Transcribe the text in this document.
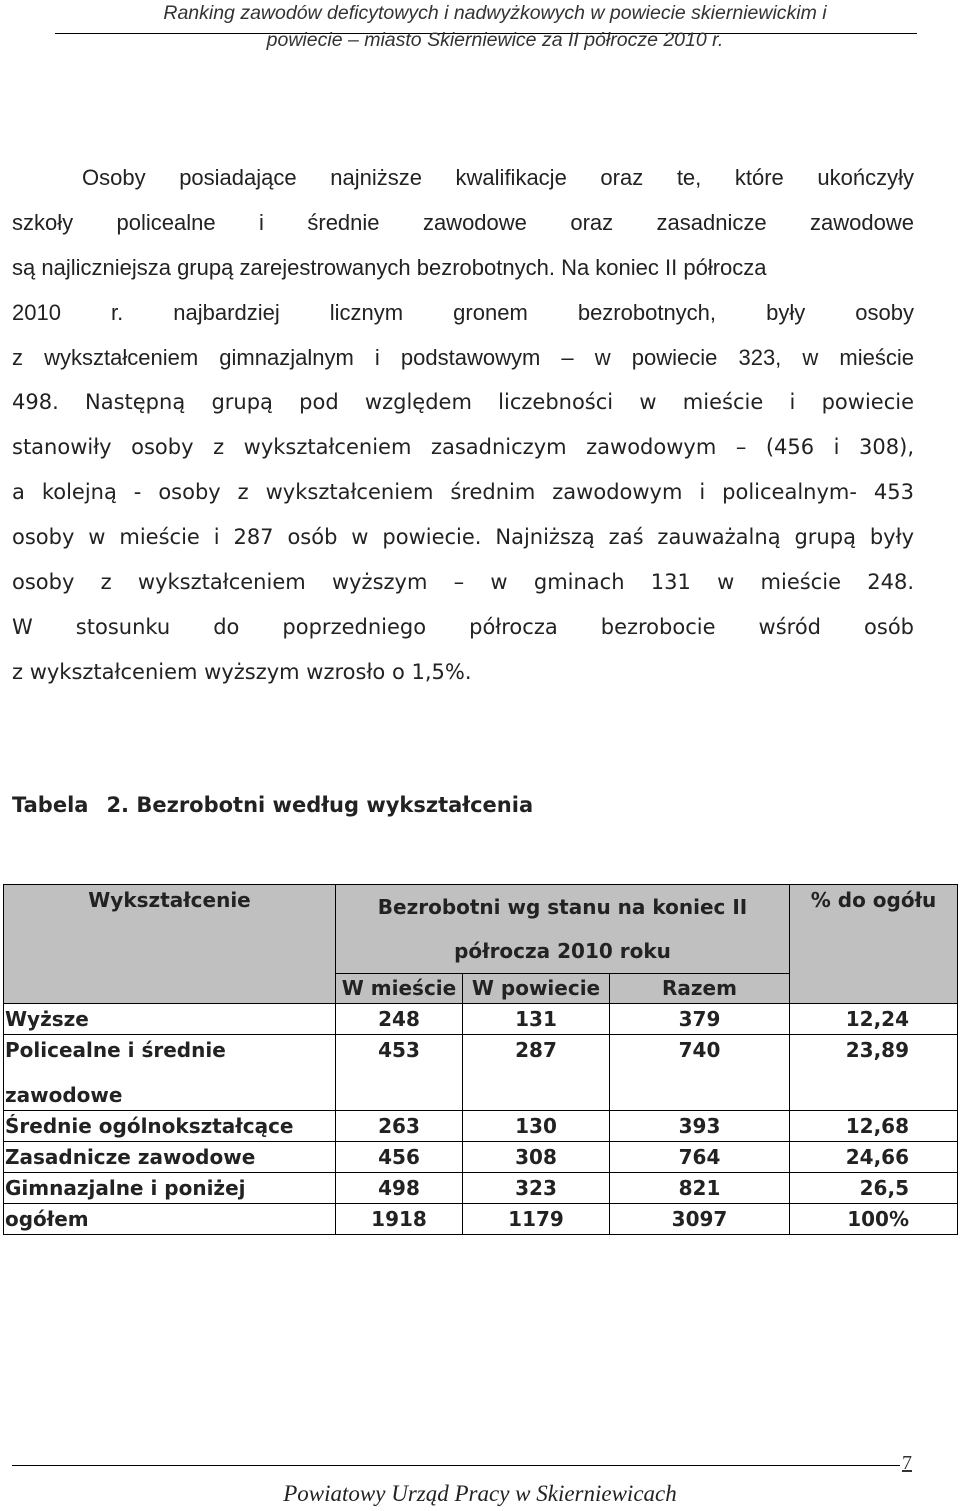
Ranking zawodów deficytowych i nadwyżkowych w powiecie skierniewickim i
powiecie – miasto Skierniewice za II półrocze 2010 r.
Osoby posiadające najniższe kwalifikacje oraz te, które ukończyły
szkoły policealne i średnie zawodowe oraz zasadnicze zawodowe
są najliczniejsza grupą zarejestrowanych bezrobotnych. Na koniec II półrocza
2010 r. najbardziej licznym gronem bezrobotnych, były osoby
z wykształceniem gimnazjalnym i podstawowym – w powiecie 323, w mieście
498. Następną grupą pod względem liczebności w mieście i powiecie
stanowiły osoby z wykształceniem zasadniczym zawodowym – (456 i 308),
a kolejną - osoby z wykształceniem średnim zawodowym i policealnym- 453
osoby w mieście i 287 osób w powiecie. Najniższą zaś zauważalną grupą były
osoby z wykształceniem wyższym – w gminach 131 w mieście 248.
W stosunku do poprzedniego półrocza bezrobocie wśród osób
z wykształceniem wyższym wzrosło o 1,5%.
Tabela 2. Bezrobotni według wykształcenia
Wykształcenie	Bezrobotni wg stanu na koniec II
półrocza 2010 roku			% do ogółu

	W mieście	W powiecie	Razem	
Wyższe	248	131	379	12,24

Policealne i średnie
zawodowe	453	287	740	23,89
Średnie ogólnokształcące	263	130	393	12,68
Zasadnicze zawodowe	456	308	764	24,66
Gimnazjalne i poniżej	498	323	821	26,5
ogółem	1918	1179	3097	100%
7
Powiatowy Urząd Pracy w Skierniewicach
